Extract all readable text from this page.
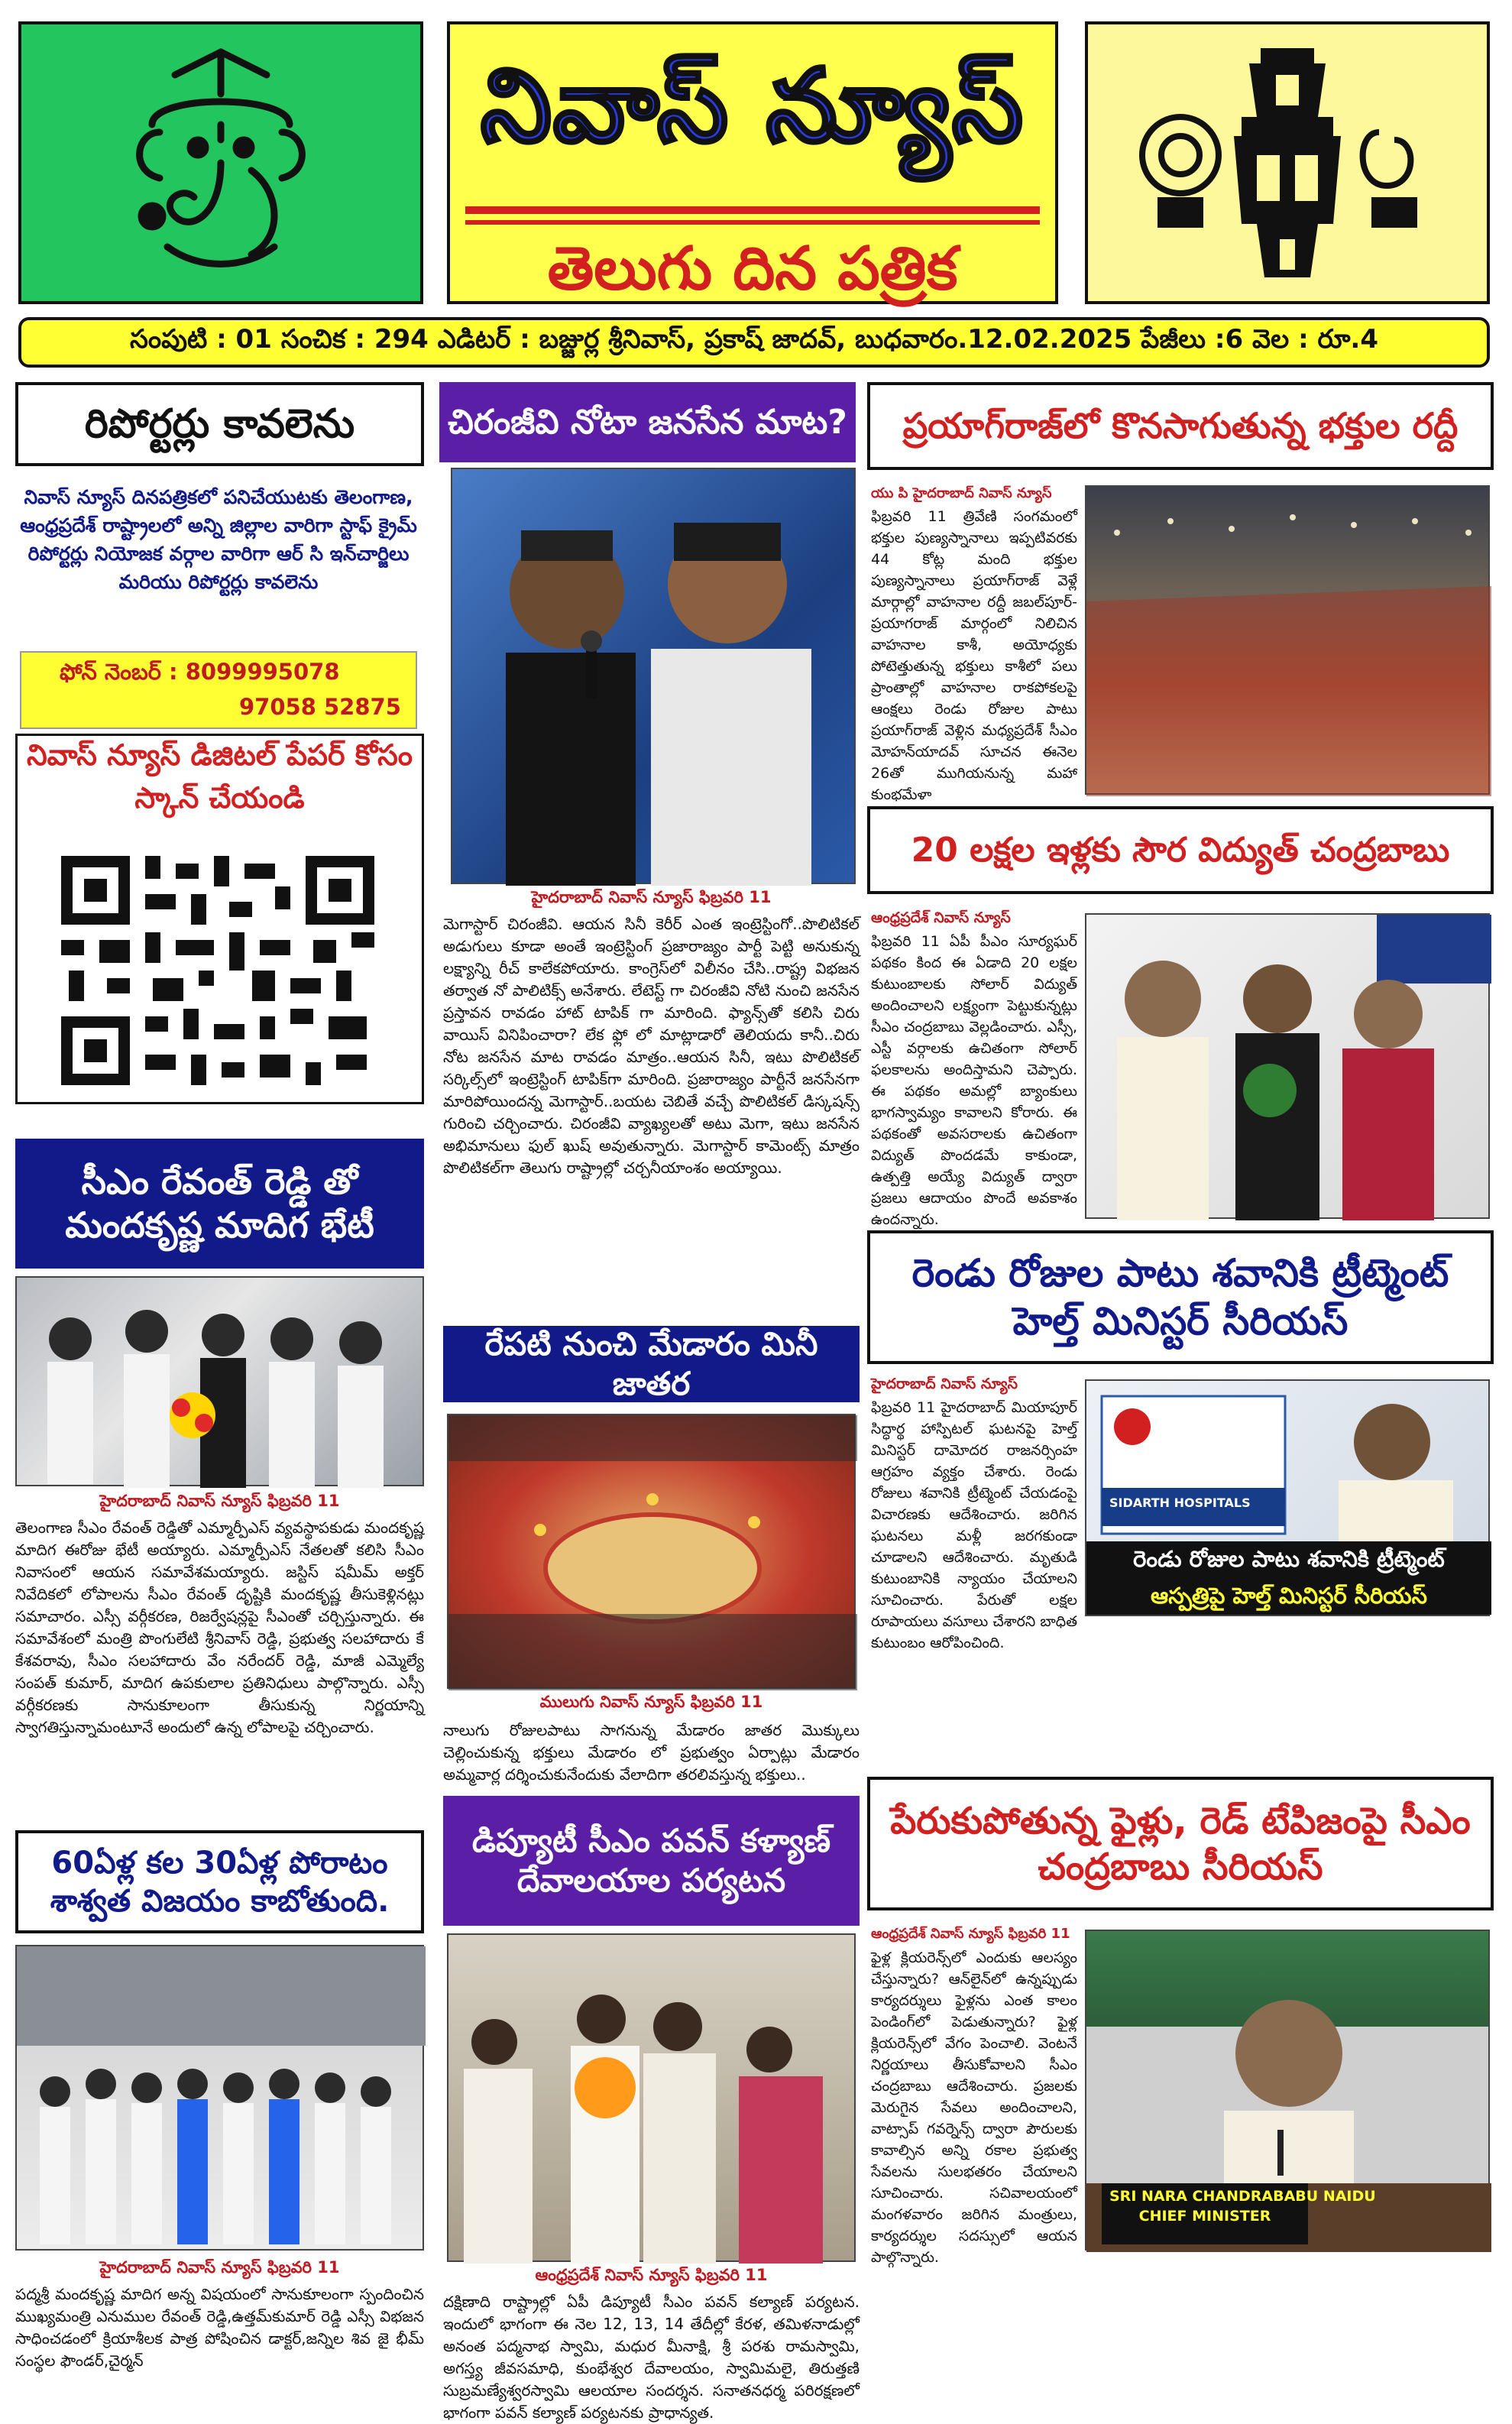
నివాస్ న్యూస్
తెలుగు దిన పత్రిక
సంపుటి : 01 సంచిక : 294 ఎడిటర్ : బజ్జుర్ల శ్రీనివాస్, ప్రకాష్ జాదవ్, బుధవారం.12.02.2025 పేజీలు :6 వెల : రూ.4
రిపోర్టర్లు కావలెను
నివాస్ న్యూస్ దినపత్రికలో పనిచేయుటకు తెలంగాణ, ఆంధ్రప్రదేశ్ రాష్ట్రాలలో అన్ని జిల్లాల వారిగా స్టాఫ్ క్రైమ్ రిపోర్టర్లు నియోజక వర్గాల వారిగా ఆర్ సి ఇన్‌చార్జిలు మరియు రిపోర్టర్లు కావలెను
ఫోన్ నెంబర్ : 8099995078
97058 52875
నివాస్ న్యూస్ డిజిటల్ పేపర్ కోసం స్కాన్ చేయండి
సీఎం రేవంత్ రెడ్డి తో మందకృష్ణ మాదిగ భేటీ
హైదరాబాద్ నివాస్ న్యూస్ ఫిబ్రవరి 11
తెలంగాణ సీఎం రేవంత్ రెడ్డితో ఎమ్మార్పీఎస్ వ్యవస్థాపకుడు మందకృష్ణ మాదిగ ఈరోజు భేటీ అయ్యారు. ఎమ్మార్పీఎస్ నేతలతో కలిసి సీఎం నివాసంలో ఆయన సమావేశమయ్యారు. జస్టిస్ షమీమ్ అక్తర్ నివేదికలో లోపాలను సీఎం రేవంత్ దృష్టికి మందకృష్ణ తీసుకెళ్లినట్లు సమాచారం. ఎస్సీ వర్గీకరణ, రిజర్వేషన్లపై సీఎంతో చర్చిస్తున్నారు. ఈ సమావేశంలో మంత్రి పొంగులేటి శ్రీనివాస్ రెడ్డి, ప్రభుత్వ సలహాదారు కే కేశవరావు, సీఎం సలహాదారు వేం నరేందర్ రెడ్డి, మాజీ ఎమ్మెల్యే సంపత్ కుమార్, మాదిగ ఉపకులాల ప్రతినిధులు పాల్గొన్నారు. ఎస్సీ వర్గీకరణకు సానుకూలంగా తీసుకున్న నిర్ణయాన్ని స్వాగతిస్తున్నామంటూనే అందులో ఉన్న లోపాలపై చర్చించారు.
60ఏళ్ల కల 30ఏళ్ల పోరాటం శాశ్వత విజయం కాబోతుంది.
హైదరాబాద్ నివాస్ న్యూస్ ఫిబ్రవరి 11
పద్మశ్రీ మందకృష్ణ మాదిగ అన్న విషయంలో సానుకూలంగా స్పందించిన ముఖ్యమంత్రి ఎనుముల రేవంత్ రెడ్డి,ఉత్తమ్‌కుమార్ రెడ్డి ఎస్సీ విభజన సాధించడంలో క్రియాశీలక పాత్ర పోషించిన డాక్టర్,జన్నిల శివ జై భీమ్ సంస్థల ఫౌండర్,చైర్మన్
చిరంజీవి నోటా జనసేన మాట?
హైదరాబాద్ నివాస్ న్యూస్ ఫిబ్రవరి 11
మెగాస్టార్ చిరంజీవి. ఆయన సినీ కెరీర్ ఎంత ఇంట్రెస్టింగో..పొలిటికల్ అడుగులు కూడా అంతే ఇంట్రెస్టింగ్ ప్రజారాజ్యం పార్టీ పెట్టి అనుకున్న లక్ష్యాన్ని రీచ్ కాలేకపోయారు. కాంగ్రెస్‌లో విలీనం చేసి..రాష్ట్ర విభజన తర్వాత నో పాలిటిక్స్ అనేశారు. లేటెస్ట్ గా చిరంజీవి నోటి నుంచి జనసేన ప్రస్తావన రావడం హాట్ టాపిక్ గా మారింది. ఫ్యాన్స్‌తో కలిసి చిరు వాయిస్ వినిపించారా? లేక ఫ్లో లో మాట్లాడారో తెలియదు కానీ..చిరు నోట జనసేన మాట రావడం మాత్రం..ఆయన సినీ, ఇటు పొలిటికల్ సర్కిల్స్‌లో ఇంట్రెస్టింగ్ టాపిక్‌గా మారింది. ప్రజారాజ్యం పార్టీనే జనసేనగా మారిపోయిందన్న మెగాస్టార్..బయట చెబితే వచ్చే పొలిటికల్ డిస్కషన్స్ గురించి చర్చించారు. చిరంజీవి వ్యాఖ్యలతో అటు మెగా, ఇటు జనసేన అభిమానులు ఫుల్ ఖుష్ అవుతున్నారు. మెగాస్టార్ కామెంట్స్ మాత్రం పొలిటికల్‌గా తెలుగు రాష్ట్రాల్లో చర్చనీయాంశం అయ్యాయి.
రేపటి నుంచి మేడారం మినీ జాతర
ములుగు నివాస్ న్యూస్ ఫిబ్రవరి 11
నాలుగు రోజులపాటు సాగనున్న మేడారం జాతర మొక్కులు చెల్లించుకున్న భక్తులు మేడారం లో ప్రభుత్వం ఏర్పాట్లు మేడారం అమ్మవార్ల దర్శించుకునేందుకు వేలాదిగా తరలివస్తున్న భక్తులు..
డిప్యూటీ సీఎం పవన్ కళ్యాణ్ దేవాలయాల పర్యటన
ఆంధ్రప్రదేశ్ నివాస్ న్యూస్ ఫిబ్రవరి 11
దక్షిణాది రాష్ట్రాల్లో ఏపీ డిప్యూటీ సీఎం పవన్ కల్యాణ్ పర్యటన. ఇందులో భాగంగా ఈ నెల 12, 13, 14 తేదీల్లో కేరళ, తమిళనాడుల్లో అనంత పద్మనాభ స్వామి, మధుర మీనాక్షి, శ్రీ పరశు రామస్వామి, అగస్త్య జీవసమాధి, కుంభేశ్వర దేవాలయం, స్వామిమలై, తిరుత్తణి సుబ్రమణ్యేశ్వరస్వామి ఆలయాల సందర్శన. సనాతనధర్మ పరిరక్షణలో భాగంగా పవన్ కల్యాణ్ పర్యటనకు ప్రాధాన్యత.
ప్రయాగ్‌రాజ్‌లో కొనసాగుతున్న భక్తుల రద్దీ
యు పి హైదరాబాద్ నివాస్ న్యూస్
ఫిబ్రవరి 11 త్రివేణి సంగమంలో భక్తుల పుణ్యస్నానాలు ఇప్పటివరకు 44 కోట్ల మంది భక్తుల పుణ్యస్నానాలు ప్రయాగ్‌రాజ్ వెళ్లే మార్గాల్లో వాహనాల రద్దీ జబల్‌పూర్-ప్రయాగరాజ్ మార్గంలో నిలిచిన వాహనాల కాశీ, అయోధ్యకు పోటెత్తుతున్న భక్తులు కాశీలో పలు ప్రాంతాల్లో వాహనాల రాకపోకలపై ఆంక్షలు రెండు రోజుల పాటు ప్రయాగ్‌రాజ్ వెళ్లిన మధ్యప్రదేశ్ సీఎం మోహన్‌యాదవ్ సూచన ఈనెల 26తో ముగియనున్న మహా కుంభమేళా
20 లక్షల ఇళ్లకు సౌర విద్యుత్ చంద్రబాబు
ఆంధ్రప్రదేశ్ నివాస్ న్యూస్
ఫిబ్రవరి 11 ఏపీ పీఎం సూర్యఘర్ పథకం కింద ఈ ఏడాది 20 లక్షల కుటుంబాలకు సోలార్ విద్యుత్ అందించాలని లక్ష్యంగా పెట్టుకున్నట్లు సీఎం చంద్రబాబు వెల్లడించారు. ఎస్సీ, ఎస్టీ వర్గాలకు ఉచితంగా సోలార్ ఫలకాలను అందిస్తామని చెప్పారు. ఈ పథకం అమల్లో బ్యాంకులు భాగస్వామ్యం కావాలని కోరారు. ఈ పథకంతో అవసరాలకు ఉచితంగా విద్యుత్ పొందడమే కాకుండా, ఉత్పత్తి అయ్యే విద్యుత్ ద్వారా ప్రజలు ఆదాయం పొందే అవకాశం ఉందన్నారు.
రెండు రోజుల పాటు శవానికి ట్రీట్మెంట్ హెల్త్ మినిస్టర్ సీరియస్
హైదరాబాద్ నివాస్ న్యూస్
ఫిబ్రవరి 11 హైదరాబాద్ మియాపూర్ సిద్ధార్థ హాస్పిటల్ ఘటనపై హెల్త్ మినిస్టర్ దామోదర రాజనర్సింహ ఆగ్రహం వ్యక్తం చేశారు. రెండు రోజులు శవానికి ట్రీట్మెంట్ చేయడంపై విచారణకు ఆదేశించారు. జరిగిన ఘటనలు మళ్లీ జరగకుండా చూడాలని ఆదేశించారు. మృతుడి కుటుంబానికి న్యాయం చేయాలని సూచించారు. పేరుతో లక్షల రూపాయలు వసూలు చేశారని బాధిత కుటుంబం ఆరోపించింది.
SIDARTH HOSPITALS
రెండు రోజుల పాటు శవానికి ట్రీట్మెంట్
ఆస్పత్రిపై హెల్త్ మినిస్టర్ సీరియస్
పేరుకుపోతున్న ఫైళ్లు, రెడ్ టేపిజంపై సీఎం చంద్రబాబు సీరియస్
ఆంధ్రప్రదేశ్ నివాస్ న్యూస్ ఫిబ్రవరి 11
ఫైళ్ల క్లియరెన్స్‌లో ఎందుకు ఆలస్యం చేస్తున్నారు? ఆన్‌లైన్‌లో ఉన్నప్పుడు కార్యదర్శులు ఫైళ్లను ఎంత కాలం పెండింగ్‌లో పెడుతున్నారు? ఫైళ్ల క్లియరెన్స్‌లో వేగం పెంచాలి. వెంటనే నిర్ణయాలు తీసుకోవాలని సీఎం చంద్రబాబు ఆదేశించారు. ప్రజలకు మెరుగైన సేవలు అందించాలని, వాట్సాప్ గవర్నెన్స్ ద్వారా పౌరులకు కావాల్సిన అన్ని రకాల ప్రభుత్వ సేవలను సులభతరం చేయాలని సూచించారు. సచివాలయంలో మంగళవారం జరిగిన మంత్రులు, కార్యదర్శుల సదస్సులో ఆయన పాల్గొన్నారు.
SRI NARA CHANDRABABU NAIDU
CHIEF MINISTER
